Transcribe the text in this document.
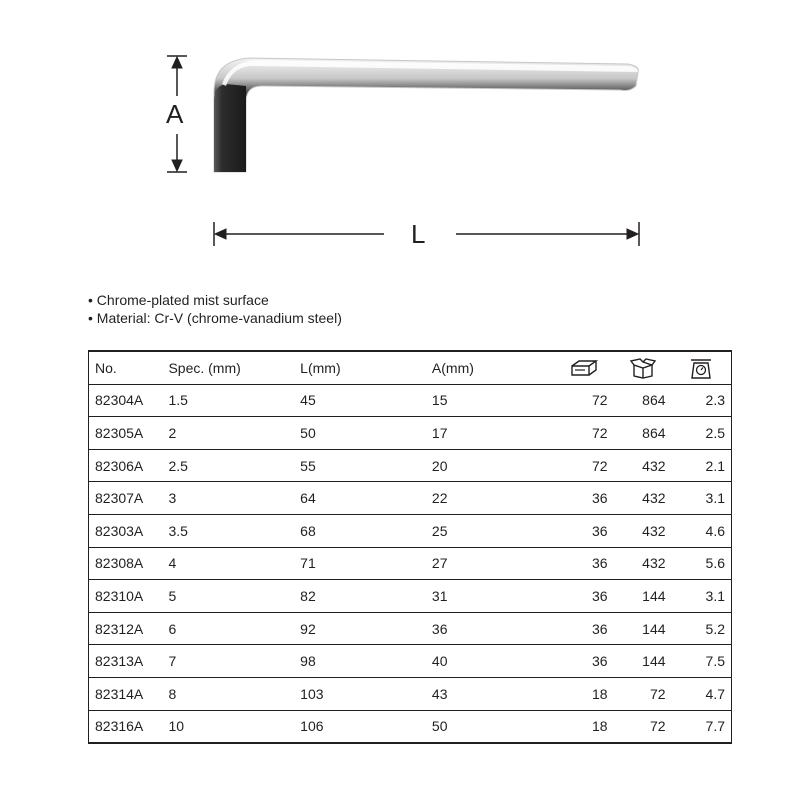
A
L
• Chrome-plated mist surface
• Material: Cr-V (chrome-vanadium steel)
No.	Spec. (mm)	L(mm)	A(mm)			
82304A	1.5	45	15	72	864	2.3
82305A	2	50	17	72	864	2.5
82306A	2.5	55	20	72	432	2.1
82307A	3	64	22	36	432	3.1
82303A	3.5	68	25	36	432	4.6
82308A	4	71	27	36	432	5.6
82310A	5	82	31	36	144	3.1
82312A	6	92	36	36	144	5.2
82313A	7	98	40	36	144	7.5
82314A	8	103	43	18	72	4.7
82316A	10	106	50	18	72	7.7
